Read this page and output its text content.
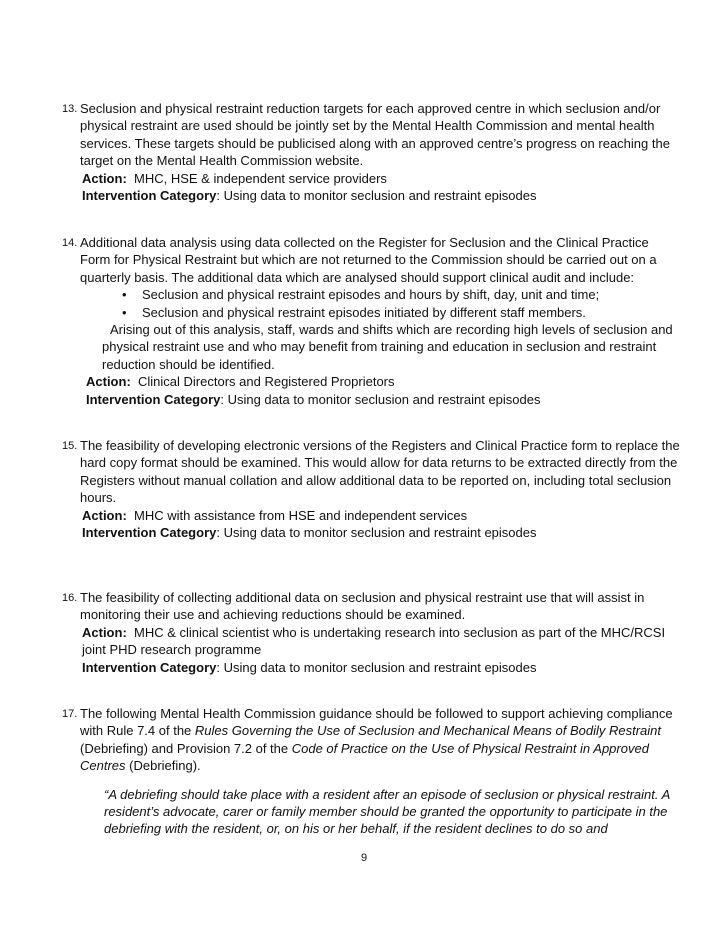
13. Seclusion and physical restraint reduction targets for each approved centre in which seclusion and/or physical restraint are used should be jointly set by the Mental Health Commission and mental health services. These targets should be publicised along with an approved centre’s progress on reaching the target on the Mental Health Commission website.

Action: MHC, HSE & independent service providers

Intervention Category: Using data to monitor seclusion and restraint episodes

14. Additional data analysis using data collected on the Register for Seclusion and the Clinical Practice Form for Physical Restraint but which are not returned to the Commission should be carried out on a quarterly basis. The additional data which are analysed should support clinical audit and include:

• Seclusion and physical restraint episodes and hours by shift, day, unit and time;
• Seclusion and physical restraint episodes initiated by different staff members.

Arising out of this analysis, staff, wards and shifts which are recording high levels of seclusion and physical restraint use and who may benefit from training and education in seclusion and restraint reduction should be identified.

Action: Clinical Directors and Registered Proprietors

Intervention Category: Using data to monitor seclusion and restraint episodes

15. The feasibility of developing electronic versions of the Registers and Clinical Practice form to replace the hard copy format should be examined. This would allow for data returns to be extracted directly from the Registers without manual collation and allow additional data to be reported on, including total seclusion hours.

Action: MHC with assistance from HSE and independent services

Intervention Category: Using data to monitor seclusion and restraint episodes

16. The feasibility of collecting additional data on seclusion and physical restraint use that will assist in monitoring their use and achieving reductions should be examined.

Action: MHC & clinical scientist who is undertaking research into seclusion as part of the MHC/RCSI joint PHD research programme

Intervention Category: Using data to monitor seclusion and restraint episodes

17. The following Mental Health Commission guidance should be followed to support achieving compliance with Rule 7.4 of the Rules Governing the Use of Seclusion and Mechanical Means of Bodily Restraint (Debriefing) and Provision 7.2 of the Code of Practice on the Use of Physical Restraint in Approved Centres (Debriefing).

“A debriefing should take place with a resident after an episode of seclusion or physical restraint. A resident’s advocate, carer or family member should be granted the opportunity to participate in the debriefing with the resident, or, on his or her behalf, if the resident declines to do so and

9
